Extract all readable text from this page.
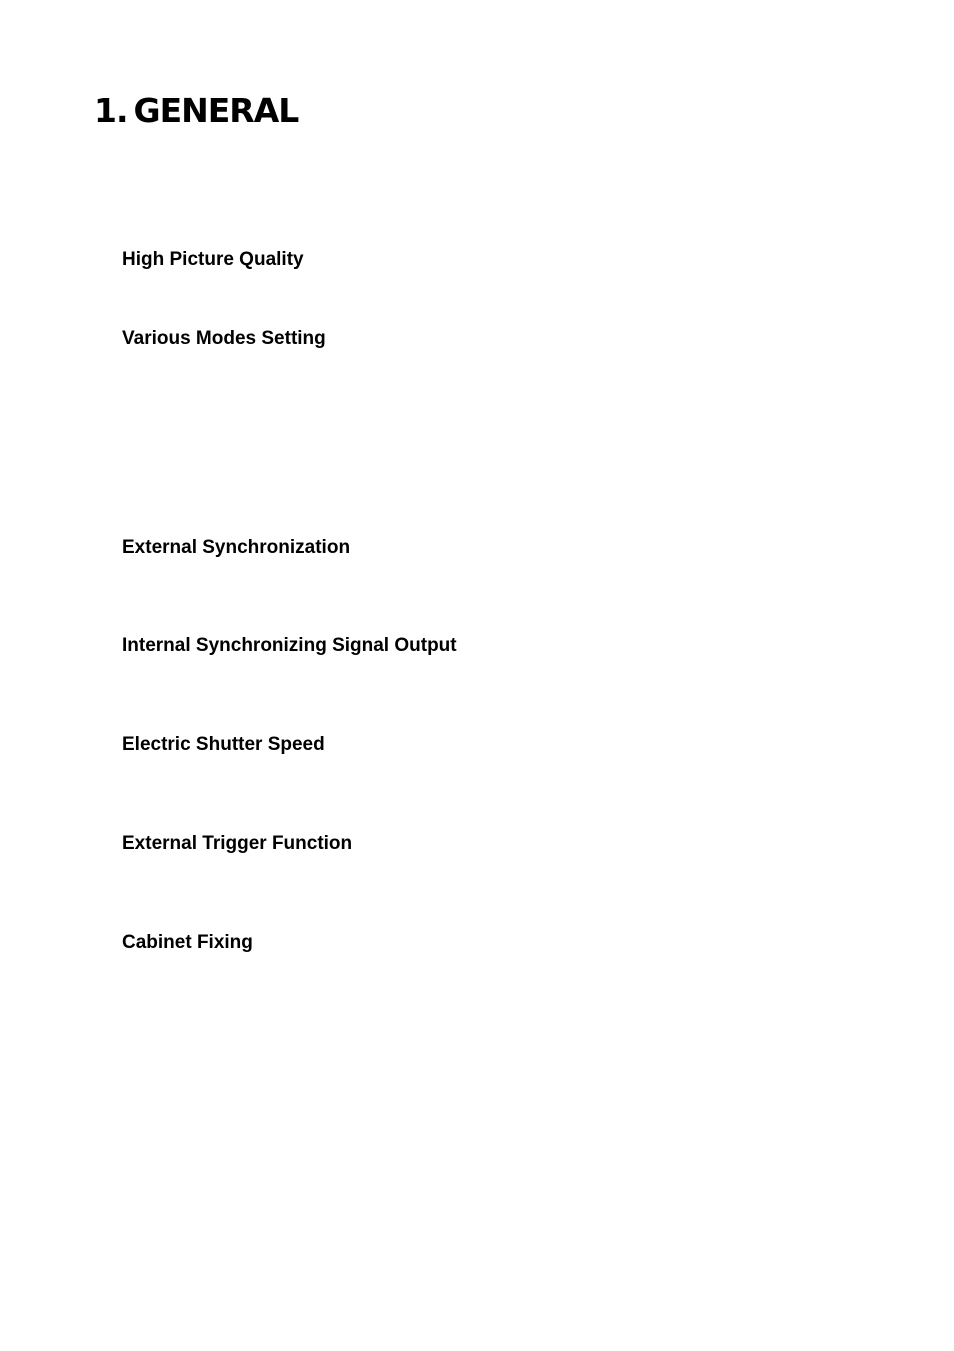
1. GENERAL
High Picture Quality
Various Modes Setting
External Synchronization
Internal Synchronizing Signal Output
Electric Shutter Speed
External Trigger Function
Cabinet Fixing
